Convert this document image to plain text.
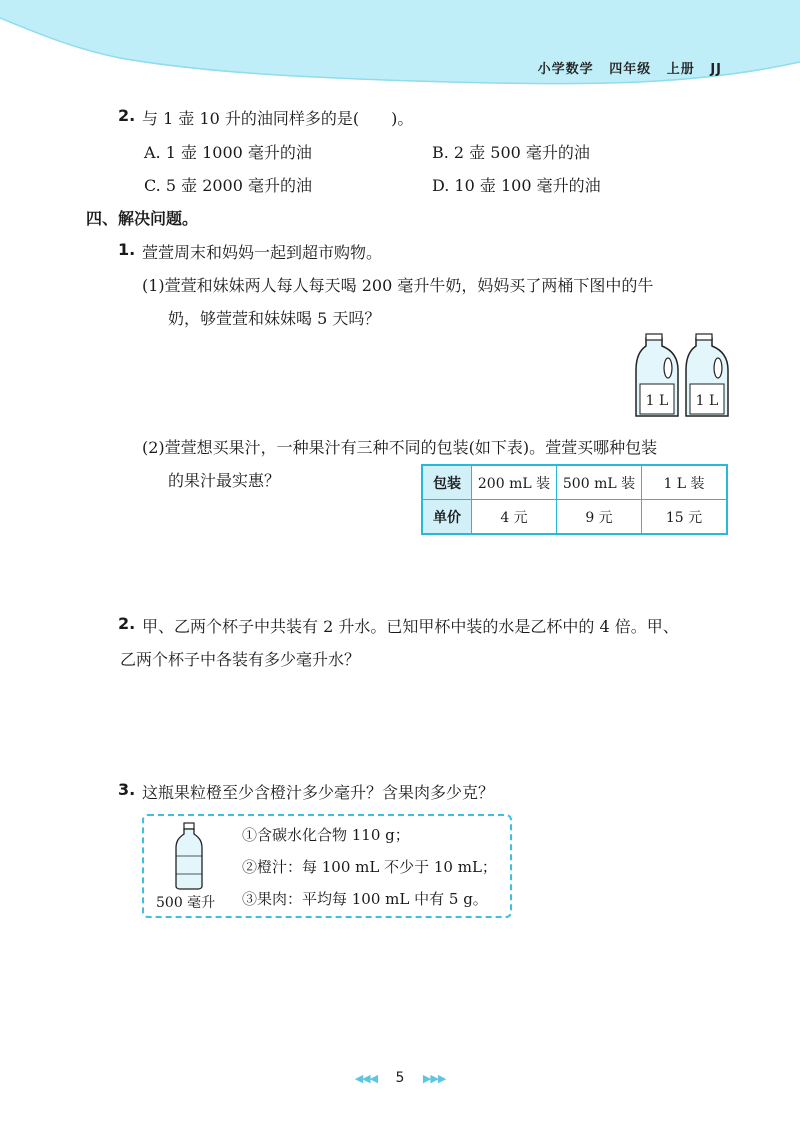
小学数学 四年级 上册 JJ
2. 与 1 壶 10 升的油同样多的是(　　)。
A. 1 壶 1000 毫升的油	B. 2 壶 500 毫升的油
C. 5 壶 2000 毫升的油	D. 10 壶 100 毫升的油
四、解决问题。
1. 萱萱周末和妈妈一起到超市购物。
(1)萱萱和妹妹两人每人每天喝 200 毫升牛奶，妈妈买了两桶下图中的牛
奶，够萱萱和妹妹喝 5 天吗？
1 L 1 L
(2)萱萱想买果汁，一种果汁有三种不同的包装(如下表)。萱萱买哪种包装
的果汁最实惠？	包装	200 mL 装	500 mL 装	1 L 装
单价	4 元	9 元	15 元
2. 甲、乙两个杯子中共装有 2 升水。已知甲杯中装的水是乙杯中的 4 倍。甲、
乙两个杯子中各装有多少毫升水？
3. 这瓶果粒橙至少含橙汁多少毫升？含果肉多少克？
500 毫升
①含碳水化合物 110 g；
②橙汁：每 100 mL 不少于 10 mL；
③果肉：平均每 100 mL 中有 5 g。
◀◀◀ 5 ▶▶▶
